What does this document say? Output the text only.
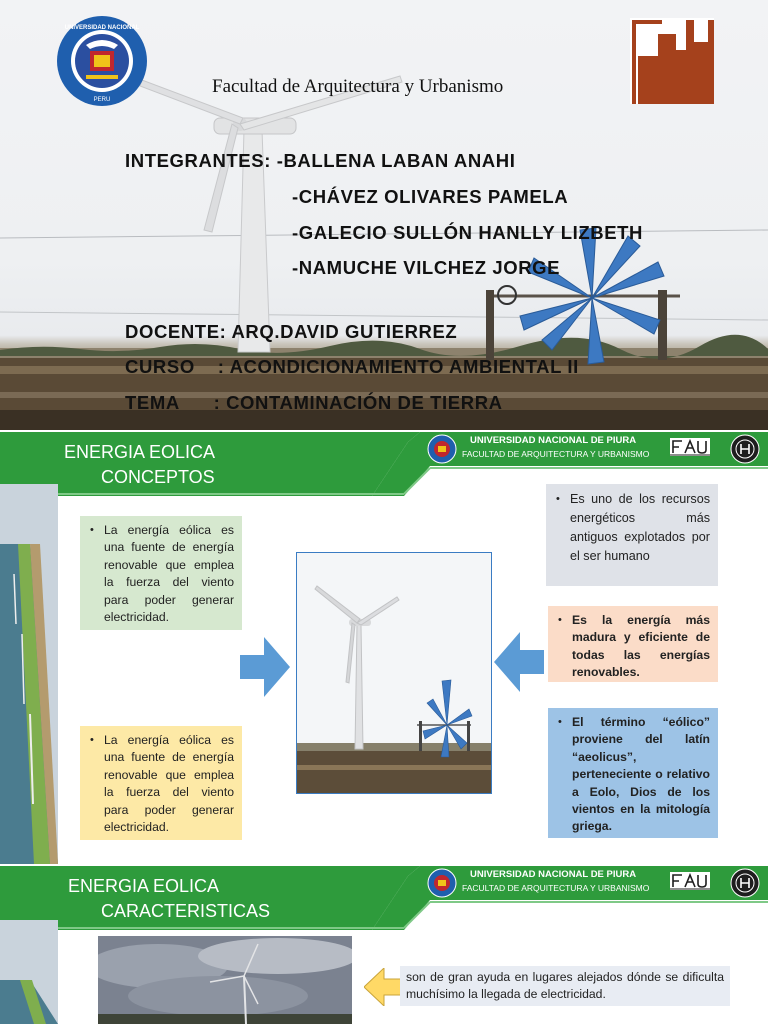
UNIVERSIDAD NACIONAL
PERU
Facultad de Arquitectura y Urbanismo
INTEGRANTES: -BALLENA LABAN ANAHI
-CHÁVEZ OLIVARES PAMELA
-GALECIO SULLÓN HANLLY LIZBETH
-NAMUCHE VILCHEZ JORGE
DOCENTE: ARQ.DAVID GUTIERREZ
CURSO    : ACONDICIONAMIENTO AMBIENTAL II
TEMA      : CONTAMINACIÓN DE TIERRA
ENERGIA EOLICA
CONCEPTOS
UNIVERSIDAD NACIONAL DE PIURA
FACULTAD DE ARQUITECTURA Y URBANISMO
• La energía eólica es una fuente de energía renovable que emplea la fuerza del viento para poder generar electricidad.
• La energía eólica es una fuente de energía renovable que emplea la fuerza del viento para poder generar electricidad.
• Es uno de los recursos energéticos más antiguos explotados por el ser humano
• Es la energía más madura y eficiente de todas las energías renovables.
• El término “eólico” proviene del latín “aeolicus”, perteneciente o relativo a Eolo, Dios de los vientos en la mitología griega.
ENERGIA EOLICA
CARACTERISTICAS
UNIVERSIDAD NACIONAL DE PIURA
FACULTAD DE ARQUITECTURA Y URBANISMO
son de gran ayuda en lugares alejados dónde se dificulta muchísimo la llegada de electricidad.
